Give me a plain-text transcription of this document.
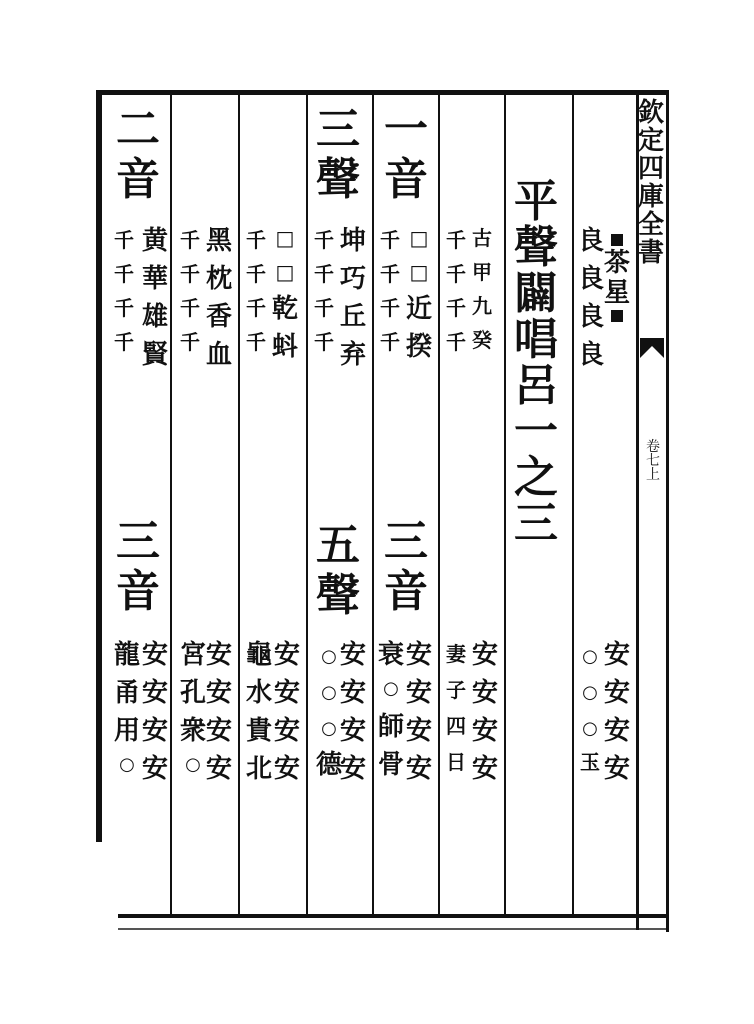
欽
定
四
庫
全
書
卷
七
上
茶
星
良
良
良
良
安
安
安
安
○
○
○
玉
平
聲
闢
唱
呂
一
之
三
古
甲
九
癸
千
千
千
千
安
安
安
安
妻
子
四
日
一
音
□
□
近
揆
千
千
千
千
三
音
安
安
安
安
衰
○
師
骨
三
聲
坤
巧
丘
弃
千
千
千
千
五
聲
安
安
安
安
○
○
○
德
□
□
乾
蚪
千
千
千
千
安
安
安
安
龜
水
貴
北
黑
枕
香
血
千
千
千
千
安
安
安
安
宮
孔
衆
○
二
音
黄
華
雄
賢
千
千
千
千
三
音
安
安
安
安
龍
甬
用
○
